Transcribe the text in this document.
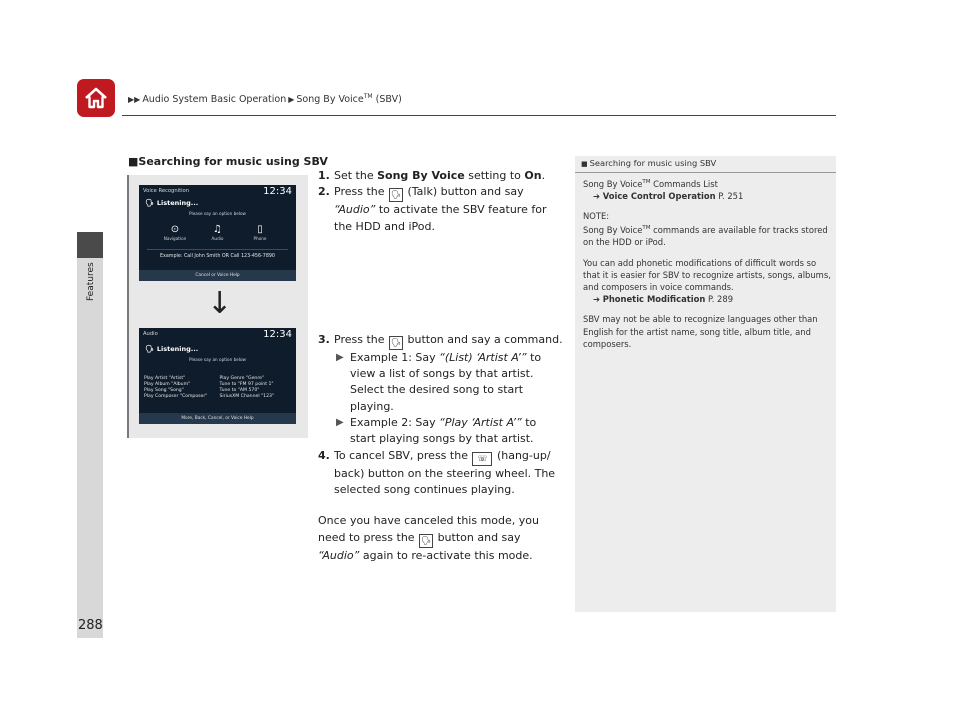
▶▶ Audio System Basic Operation ▶ Song By Voice™ (SBV)
Features
288
■Searching for music using SBV
Voice Recognition	12:34
🗣 Listening...
Please say an option below
⊙
Navigation
♫
Audio
▯
Phone
Example: Call John Smith OR Call 123-456-7890
Cancel or Voice Help
↓
Audio	12:34
🗣 Listening...
Please say an option below
Play Artist "Artist"	Play Genre "Genre"
Play Album "Album"	Tune to "FM 97 point 1"
Play Song "Song"	Tune to "AM 570"
Play Composer "Composer"	SiriusXM Channel "123"
More, Back, Cancel, or Voice Help
1. Set the Song By Voice setting to On.
2. Press the 🗣 (Talk) button and say “Audio” to activate the SBV feature for the HDD and iPod.
3. Press the 🗣 button and say a command.
▶ Example 1: Say “(List) ‘Artist A’” to view a list of songs by that artist. Select the desired song to start playing.
▶ Example 2: Say “Play ‘Artist A’” to start playing songs by that artist.
4. To cancel SBV, press the ☏ (hang-up/ back) button on the steering wheel. The selected song continues playing.
Once you have canceled this mode, you need to press the 🗣 button and say “Audio” again to re-activate this mode.
■ Searching for music using SBV

Song By Voice™ Commands List
➔ Voice Control Operation P. 251

NOTE:
Song By Voice™ commands are available for tracks stored on the HDD or iPod.

You can add phonetic modifications of difficult words so that it is easier for SBV to recognize artists, songs, albums, and composers in voice commands.
➔ Phonetic Modification P. 289

SBV may not be able to recognize languages other than English for the artist name, song title, album title, and composers.
